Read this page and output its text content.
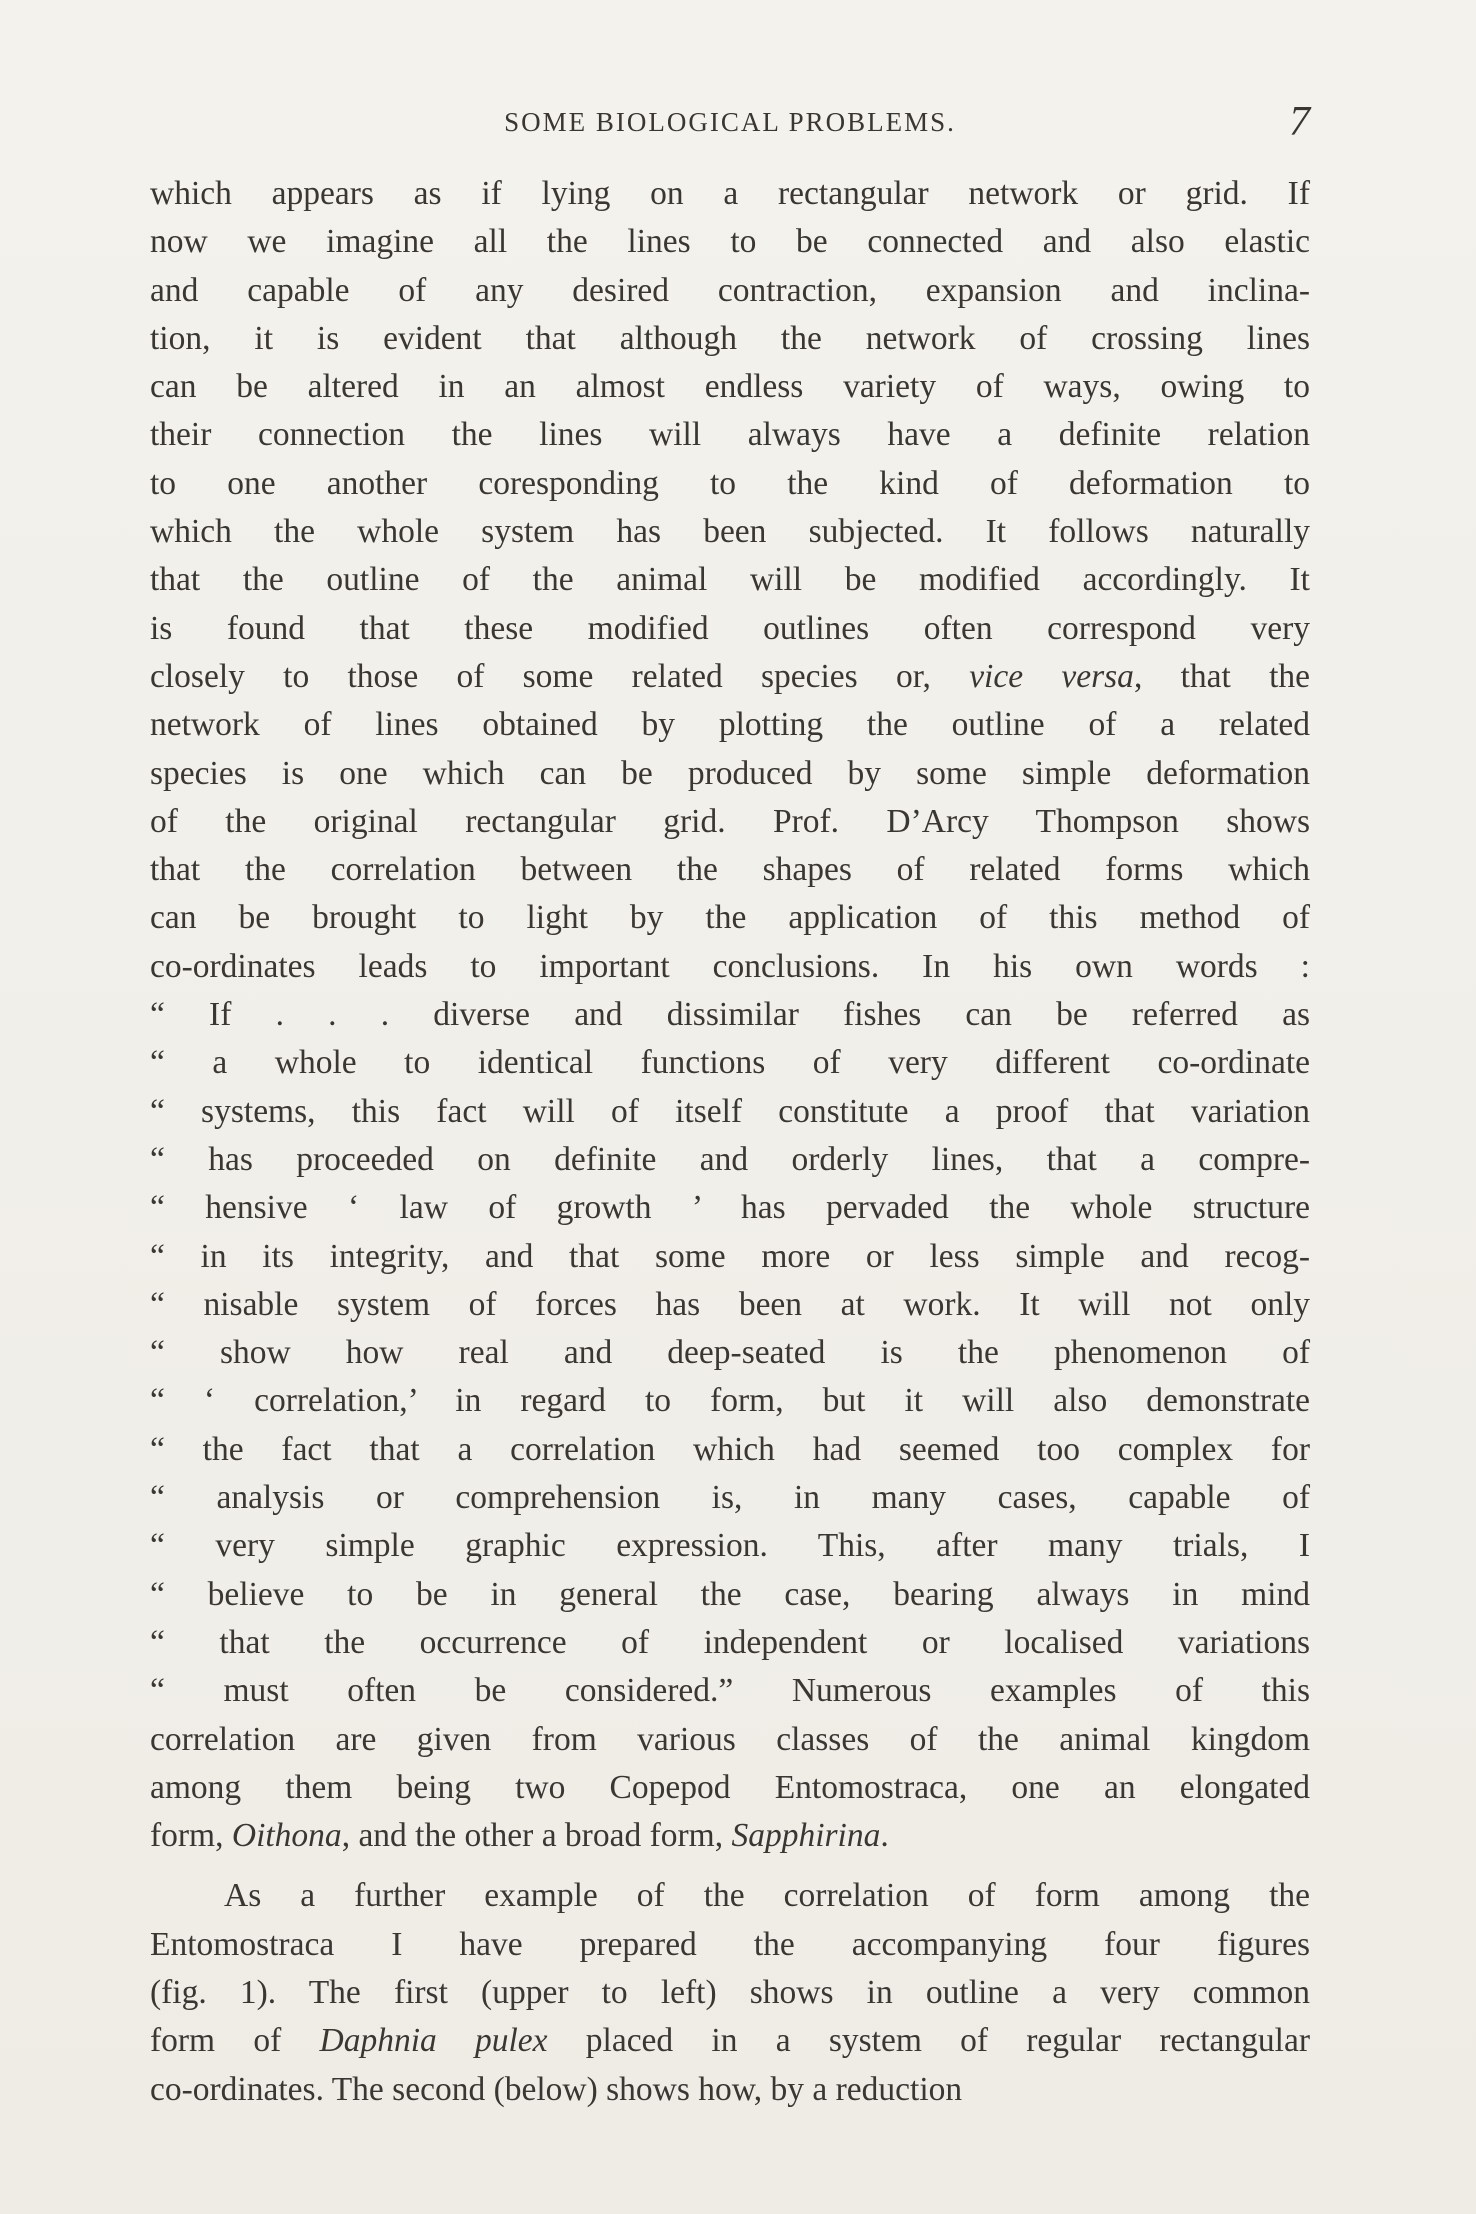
SOME BIOLOGICAL PROBLEMS.	7
which appears as if lying on a rectangular network or grid. If
now we imagine all the lines to be connected and also elastic
and capable of any desired contraction, expansion and inclina-
tion, it is evident that although the network of crossing lines
can be altered in an almost endless variety of ways, owing to
their connection the lines will always have a definite relation
to one another coresponding to the kind of deformation to
which the whole system has been subjected. It follows naturally
that the outline of the animal will be modified accordingly. It
is found that these modified outlines often correspond very
closely to those of some related species or, vice versa, that the
network of lines obtained by plotting the outline of a related
species is one which can be produced by some simple deformation
of the original rectangular grid. Prof. D’Arcy Thompson shows
that the correlation between the shapes of related forms which
can be brought to light by the application of this method of
co-ordinates leads to important conclusions. In his own words :
“ If . . . diverse and dissimilar fishes can be referred as
“ a whole to identical functions of very different co-ordinate
“ systems, this fact will of itself constitute a proof that variation
“ has proceeded on definite and orderly lines, that a compre-
“ hensive ‘ law of growth ’ has pervaded the whole structure
“ in its integrity, and that some more or less simple and recog-
“ nisable system of forces has been at work. It will not only
“ show how real and deep-seated is the phenomenon of
“ ‘ correlation,’ in regard to form, but it will also demonstrate
“ the fact that a correlation which had seemed too complex for
“ analysis or comprehension is, in many cases, capable of
“ very simple graphic expression. This, after many trials, I
“ believe to be in general the case, bearing always in mind
“ that the occurrence of independent or localised variations
“ must often be considered.” Numerous examples of this
correlation are given from various classes of the animal kingdom
among them being two Copepod Entomostraca, one an elongated
form, Oithona, and the other a broad form, Sapphirina.
As a further example of the correlation of form among the
Entomostraca I have prepared the accompanying four figures
(fig. 1). The first (upper to left) shows in outline a very common
form of Daphnia pulex placed in a system of regular rectangular
co-ordinates. The second (below) shows how, by a reduction
